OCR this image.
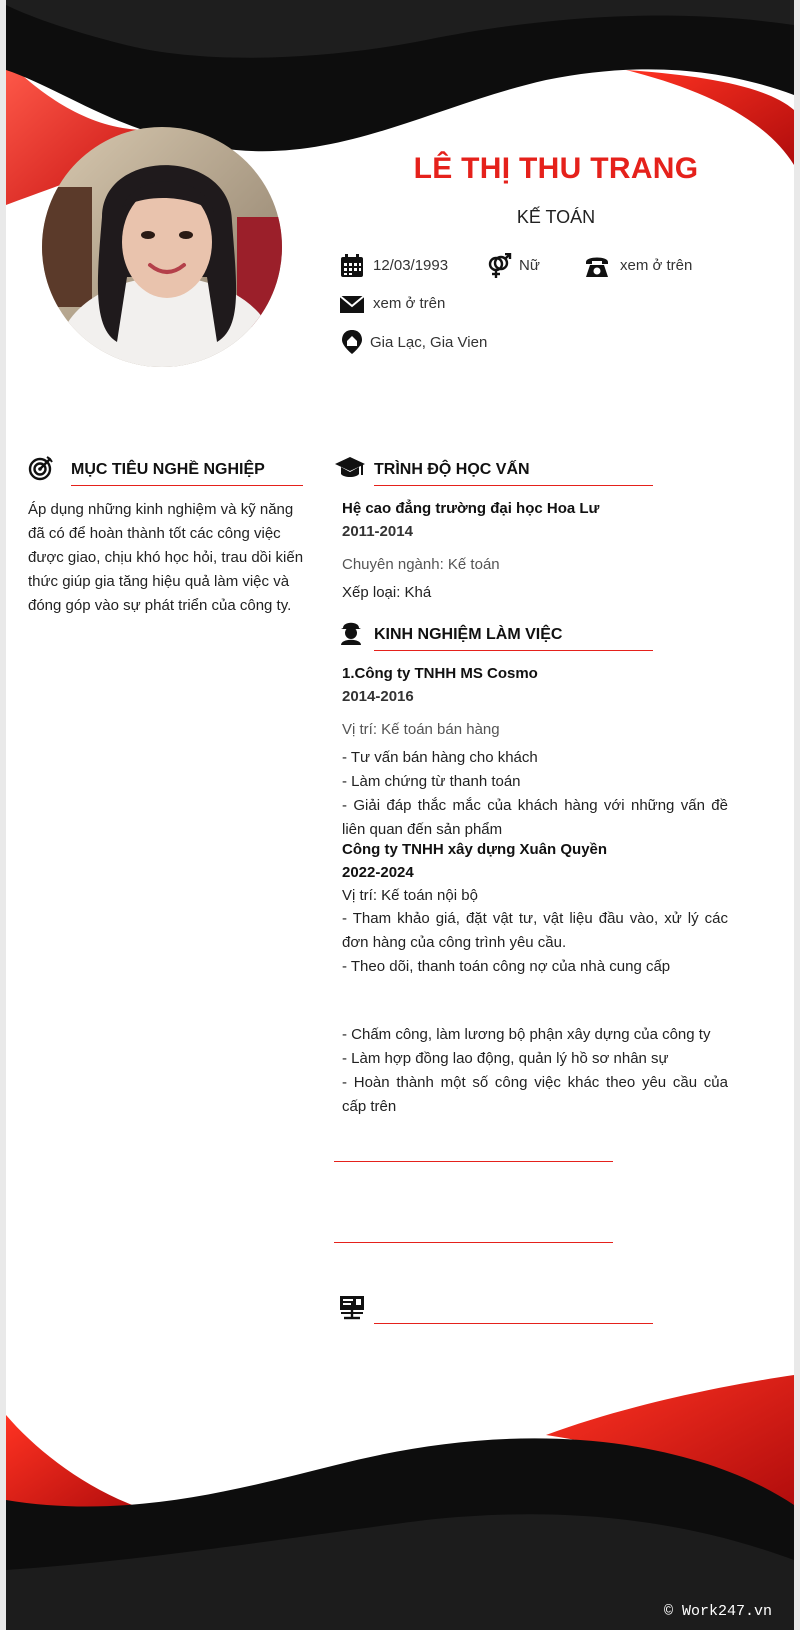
LÊ THỊ THU TRANG
KẾ TOÁN
12/03/1993	Nữ	xem ở trên
xem ở trên
Gia Lạc, Gia Vien
MỤC TIÊU NGHỀ NGHIỆP
Áp dụng những kinh nghiệm và kỹ năng đã có để hoàn thành tốt các công việc được giao, chịu khó học hỏi, trau dồi kiến thức giúp gia tăng hiệu quả làm việc và đóng góp vào sự phát triển của công ty.
TRÌNH ĐỘ HỌC VẤN
Hệ cao đẳng trường đại học Hoa Lư
2011-2014
Chuyên ngành: Kế toán
Xếp loại: Khá
KINH NGHIỆM LÀM VIỆC
1.Công ty TNHH MS Cosmo
2014-2016
Vị trí: Kế toán bán hàng
- Tư vấn bán hàng cho khách
- Làm chứng từ thanh toán
- Giải đáp thắc mắc của khách hàng với những vấn đề liên quan đến sản phẩm
Công ty TNHH xây dựng Xuân Quyền
2022-2024
Vị trí: Kế toán nội bộ
- Tham khảo giá, đặt vật tư, vật liệu đầu vào, xử lý các đơn hàng của công trình yêu cầu.
- Theo dõi, thanh toán công nợ của nhà cung cấp
- Chấm công, làm lương bộ phận xây dựng của công ty
- Làm hợp đồng lao động, quản lý hồ sơ nhân sự
- Hoàn thành một số công việc khác theo yêu cầu của cấp trên
© Work247.vn
